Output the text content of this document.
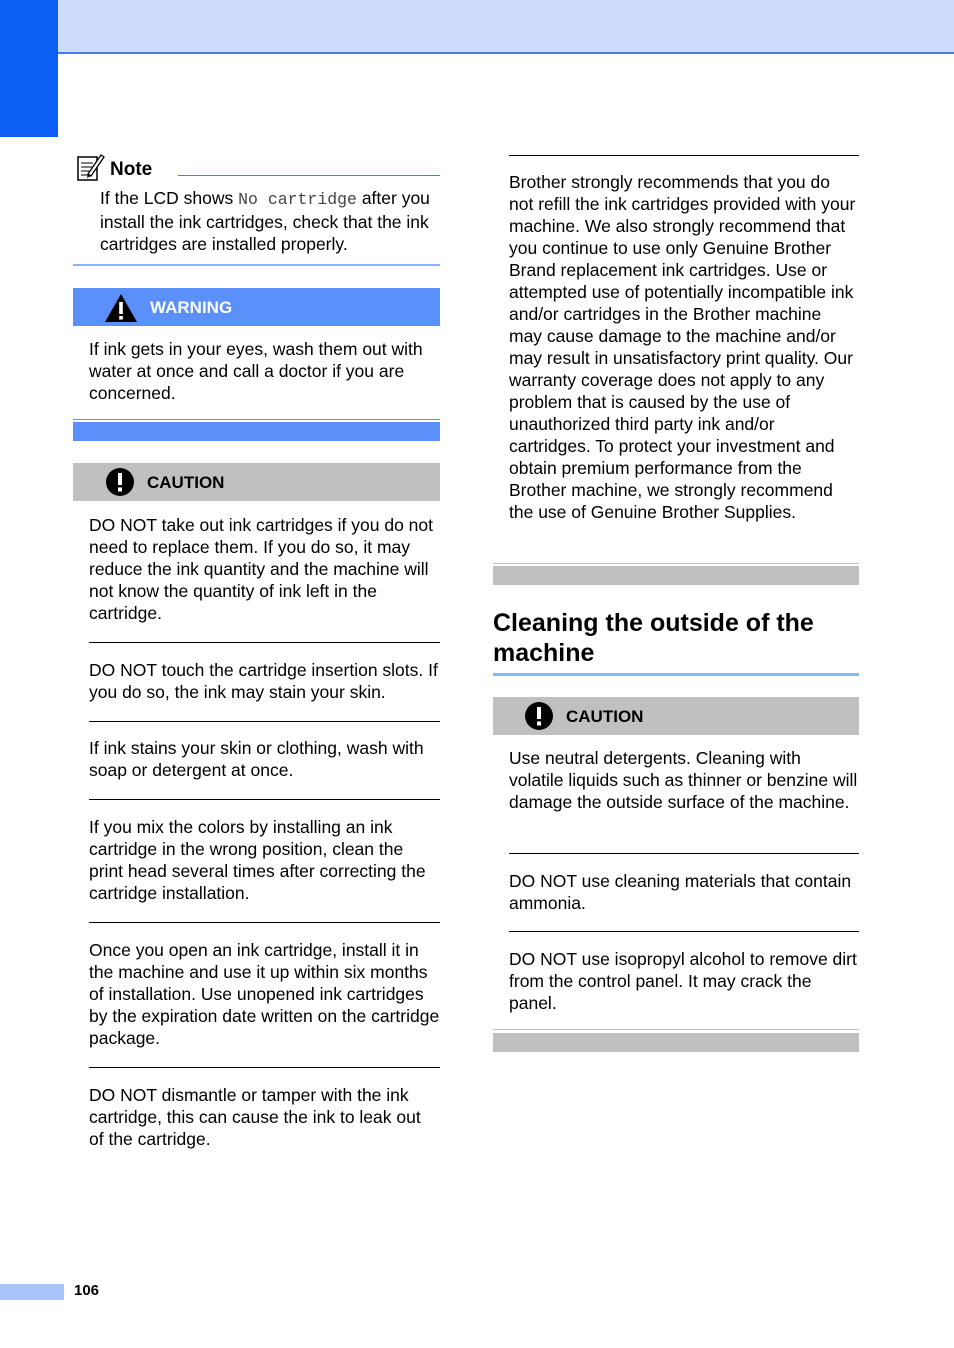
Note
If the LCD shows No cartridge after you install the ink cartridges, check that the ink cartridges are installed properly.
WARNING
If ink gets in your eyes, wash them out with water at once and call a doctor if you are concerned.
CAUTION
DO NOT take out ink cartridges if you do not need to replace them. If you do so, it may reduce the ink quantity and the machine will not know the quantity of ink left in the cartridge.
DO NOT touch the cartridge insertion slots. If you do so, the ink may stain your skin.
If ink stains your skin or clothing, wash with soap or detergent at once.
If you mix the colors by installing an ink cartridge in the wrong position, clean the print head several times after correcting the cartridge installation.
Once you open an ink cartridge, install it in the machine and use it up within six months of installation. Use unopened ink cartridges by the expiration date written on the cartridge package.
DO NOT dismantle or tamper with the ink cartridge, this can cause the ink to leak out of the cartridge.
Brother strongly recommends that you do not refill the ink cartridges provided with your machine. We also strongly recommend that you continue to use only Genuine Brother Brand replacement ink cartridges. Use or attempted use of potentially incompatible ink and/or cartridges in the Brother machine may cause damage to the machine and/or may result in unsatisfactory print quality. Our warranty coverage does not apply to any problem that is caused by the use of unauthorized third party ink and/or cartridges. To protect your investment and obtain premium performance from the Brother machine, we strongly recommend the use of Genuine Brother Supplies.
Cleaning the outside of the machine
CAUTION
Use neutral detergents. Cleaning with volatile liquids such as thinner or benzine will damage the outside surface of the machine.
DO NOT use cleaning materials that contain ammonia.
DO NOT use isopropyl alcohol to remove dirt from the control panel. It may crack the panel.
106
